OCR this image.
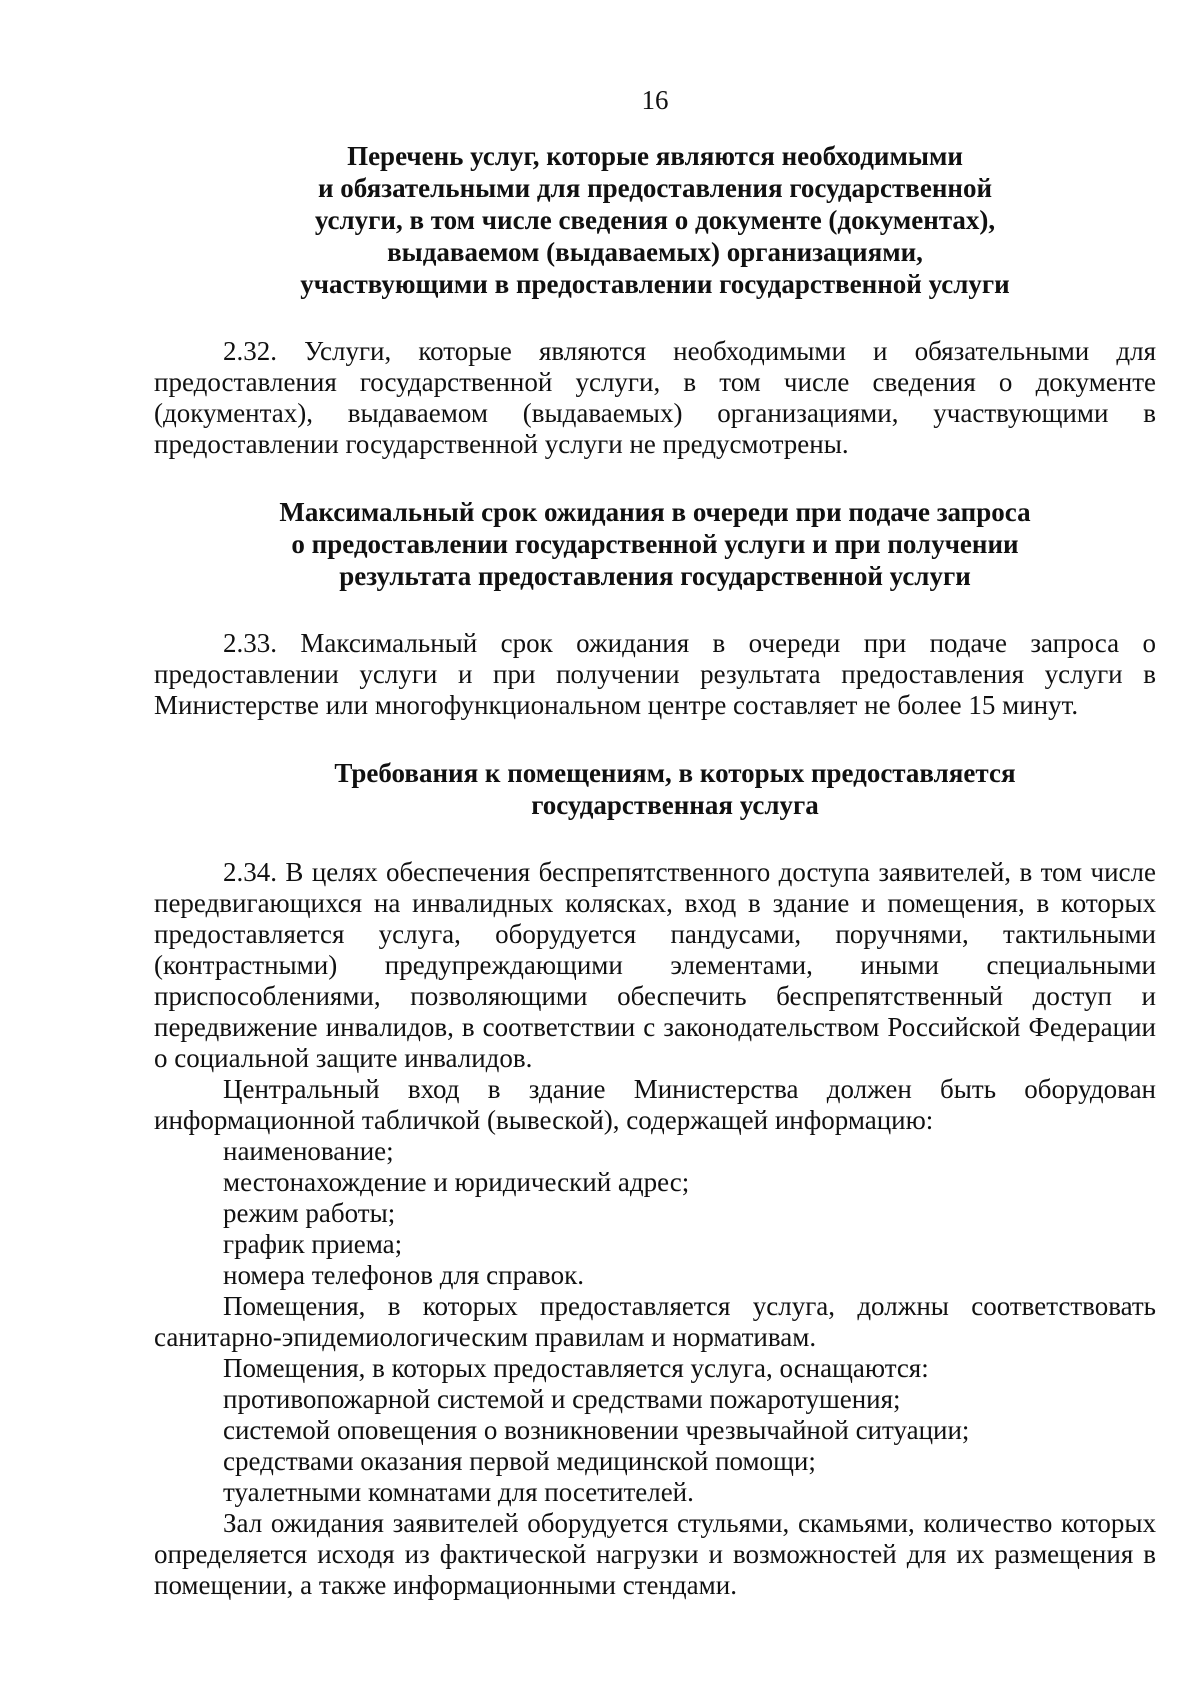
16
Перечень услуг, которые являются необходимыми
и обязательными для предоставления государственной
услуги, в том числе сведения о документе (документах),
выдаваемом (выдаваемых) организациями,
участвующими в предоставлении государственной услуги

2.32. Услуги, которые являются необходимыми и обязательными для предоставления государственной услуги, в том числе сведения о документе (документах), выдаваемом (выдаваемых) организациями, участвующими в предоставлении государственной услуги не предусмотрены.

Максимальный срок ожидания в очереди при подаче запроса
о предоставлении государственной услуги и при получении
результата предоставления государственной услуги

2.33. Максимальный срок ожидания в очереди при подаче запроса о предоставлении услуги и при получении результата предоставления услуги в Министерстве или многофункциональном центре составляет не более 15 минут.

Требования к помещениям, в которых предоставляется
государственная услуга

2.34. В целях обеспечения беспрепятственного доступа заявителей, в том числе передвигающихся на инвалидных колясках, вход в здание и помещения, в которых предоставляется услуга, оборудуется пандусами, поручнями, тактильными (контрастными) предупреждающими элементами, иными специальными приспособлениями, позволяющими обеспечить беспрепятственный доступ и передвижение инвалидов, в соответствии с законодательством Российской Федерации о социальной защите инвалидов.

Центральный вход в здание Министерства должен быть оборудован информационной табличкой (вывеской), содержащей информацию:

наименование;

местонахождение и юридический адрес;

режим работы;

график приема;

номера телефонов для справок.

Помещения, в которых предоставляется услуга, должны соответствовать санитарно-эпидемиологическим правилам и нормативам.

Помещения, в которых предоставляется услуга, оснащаются:

противопожарной системой и средствами пожаротушения;

системой оповещения о возникновении чрезвычайной ситуации;

средствами оказания первой медицинской помощи;

туалетными комнатами для посетителей.

Зал ожидания заявителей оборудуется стульями, скамьями, количество которых определяется исходя из фактической нагрузки и возможностей для их размещения в помещении, а также информационными стендами.
